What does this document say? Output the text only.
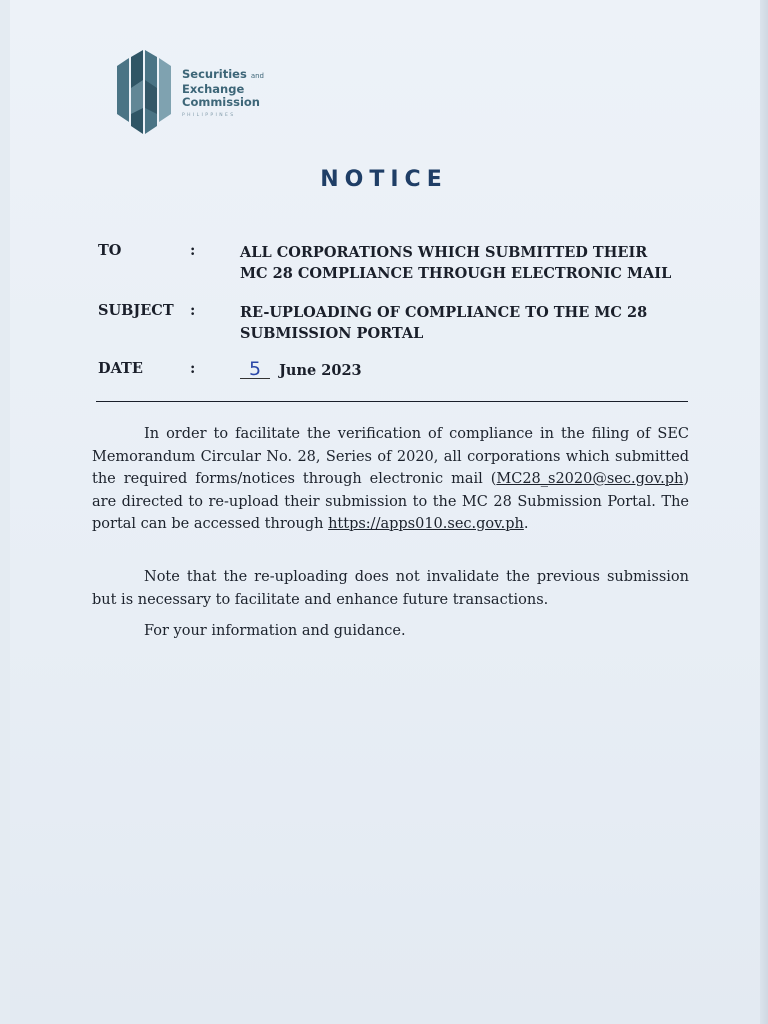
Securities and
Exchange
Commission
PHILIPPINES
NOTICE
TO	:	ALL CORPORATIONS WHICH SUBMITTED THEIR
MC 28 COMPLIANCE THROUGH ELECTRONIC MAIL
SUBJECT	:	RE-UPLOADING OF COMPLIANCE TO THE MC 28
SUBMISSION PORTAL
DATE	:	5 June 2023
In order to facilitate the verification of compliance in the filing of SEC Memorandum Circular No. 28, Series of 2020, all corporations which submitted the required forms/notices through electronic mail (MC28_s2020@sec.gov.ph) are directed to re-upload their submission to the MC 28 Submission Portal. The portal can be accessed through https://apps010.sec.gov.ph.
Note that the re-uploading does not invalidate the previous submission but is necessary to facilitate and enhance future transactions.
For your information and guidance.
